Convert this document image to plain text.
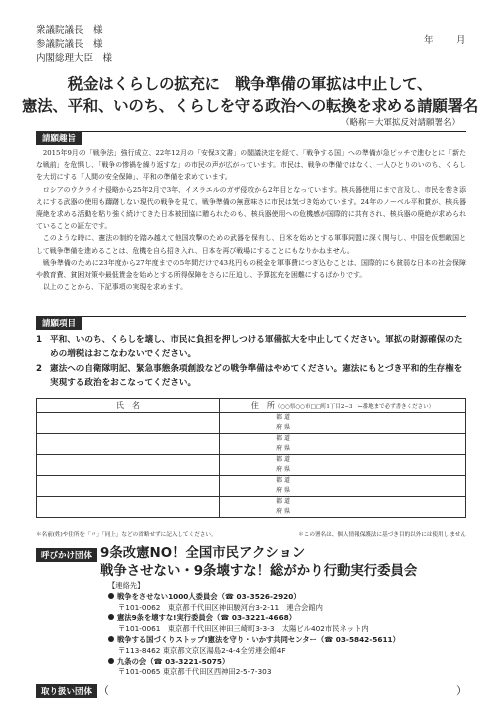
衆議院議長　様
参議院議長　様
内閣総理大臣　様
年 月
税金はくらしの拡充に　戦争準備の軍拡は中止して、
憲法、平和、いのち、くらしを守る政治への転換を求める請願署名
（略称＝大軍拡反対請願署名）
請願趣旨

2015年9月の「戦争法」強行成立、22年12月の「安保3文書」の閣議決定を経て、「戦争する国」への準備が急ピッチで進むとに「新たな戦前」を危惧し、「戦争の惨禍を繰り返すな」の市民の声が広がっています。市民は、戦争の準備ではなく、一人ひとりのいのち、くらしを大切にする「人間の安全保障」、平和の準備を求めています。

ロシアのウクライナ侵略から25年2月で3年、イスラエルのガザ侵攻から2年目となっています。核兵器使用にまで言及し、市民を巻き添えにする武器の使用も躊躇しない現代の戦争を見て、戦争準備の無意味さに市民は気づき始めています。24年のノーベル平和賞が、核兵器廃絶を求める活動を粘り強く続けてきた日本被団協に贈られたのも、核兵器使用への危機感が国際的に共有され、核兵器の廃絶が求められていることの証左です。

このような時に、憲法の制約を踏み越えて他国攻撃のための武器を保有し、日米を始めとする軍事同盟に深く関与し、中国を仮想敵国として戦争準備を進めることは、危機を自ら招き入れ、日本を再び戦場にすることにもなりかねません。

戦争準備のために23年度から27年度までの5年間だけで43兆円もの税金を軍事費につぎ込むことは、国際的にも貧弱な日本の社会保障や教育費、貧困対策や最低賃金を始めとする所得保障をさらに圧迫し、予算拡充を困難にするばかりです。

以上のことから、下記事項の実現を求めます。

請願項目
1 平和、いのち、くらしを壊し、市民に負担を押しつける軍備拡大を中止してください。軍拡の財源確保のための増税はおこなわないでください。
2 憲法への自衛隊明記、緊急事態条項創設などの戦争準備はやめてください。憲法にもとづき平和的生存権を実現する政治をおこなってください。
氏　名	住　所（○○県○○市□□町1丁目2−3　←番地まで必ず書きください）

	都 道
府 県

	都 道
府 県

	都 道
府 県

	都 道
府 県

	都 道
府 県
＊名前(姓)や住所を「〃」「同上」などの省略せずに記入してください。	＊この署名は、個人情報保護法に基づき目的以外には使用しません
呼びかけ団体 9条改憲NO！全国市民アクション
戦争させない・9条壊すな！総がかり行動実行委員会
【連絡先】
戦争をさせない1000人委員会（☎ 03-3526-2920）
〒101-0062　東京都千代田区神田駿河台3-2-11　連合会館内
憲法9条を壊すな!実行委員会（☎ 03-3221-4668）
〒101-0061　東京都千代田区神田三崎町3-3-3　太陽ビル402市民ネット内
戦争する国づくりストップ!憲法を守り・いかす共同センター（☎ 03-5842-5611）
〒113-8462 東京都文京区湯島2-4-4全労連会館4F
九条の会（☎ 03-3221-5075）
〒101-0065 東京都千代田区西神田2-5-7-303
取り扱い団体 （	）
